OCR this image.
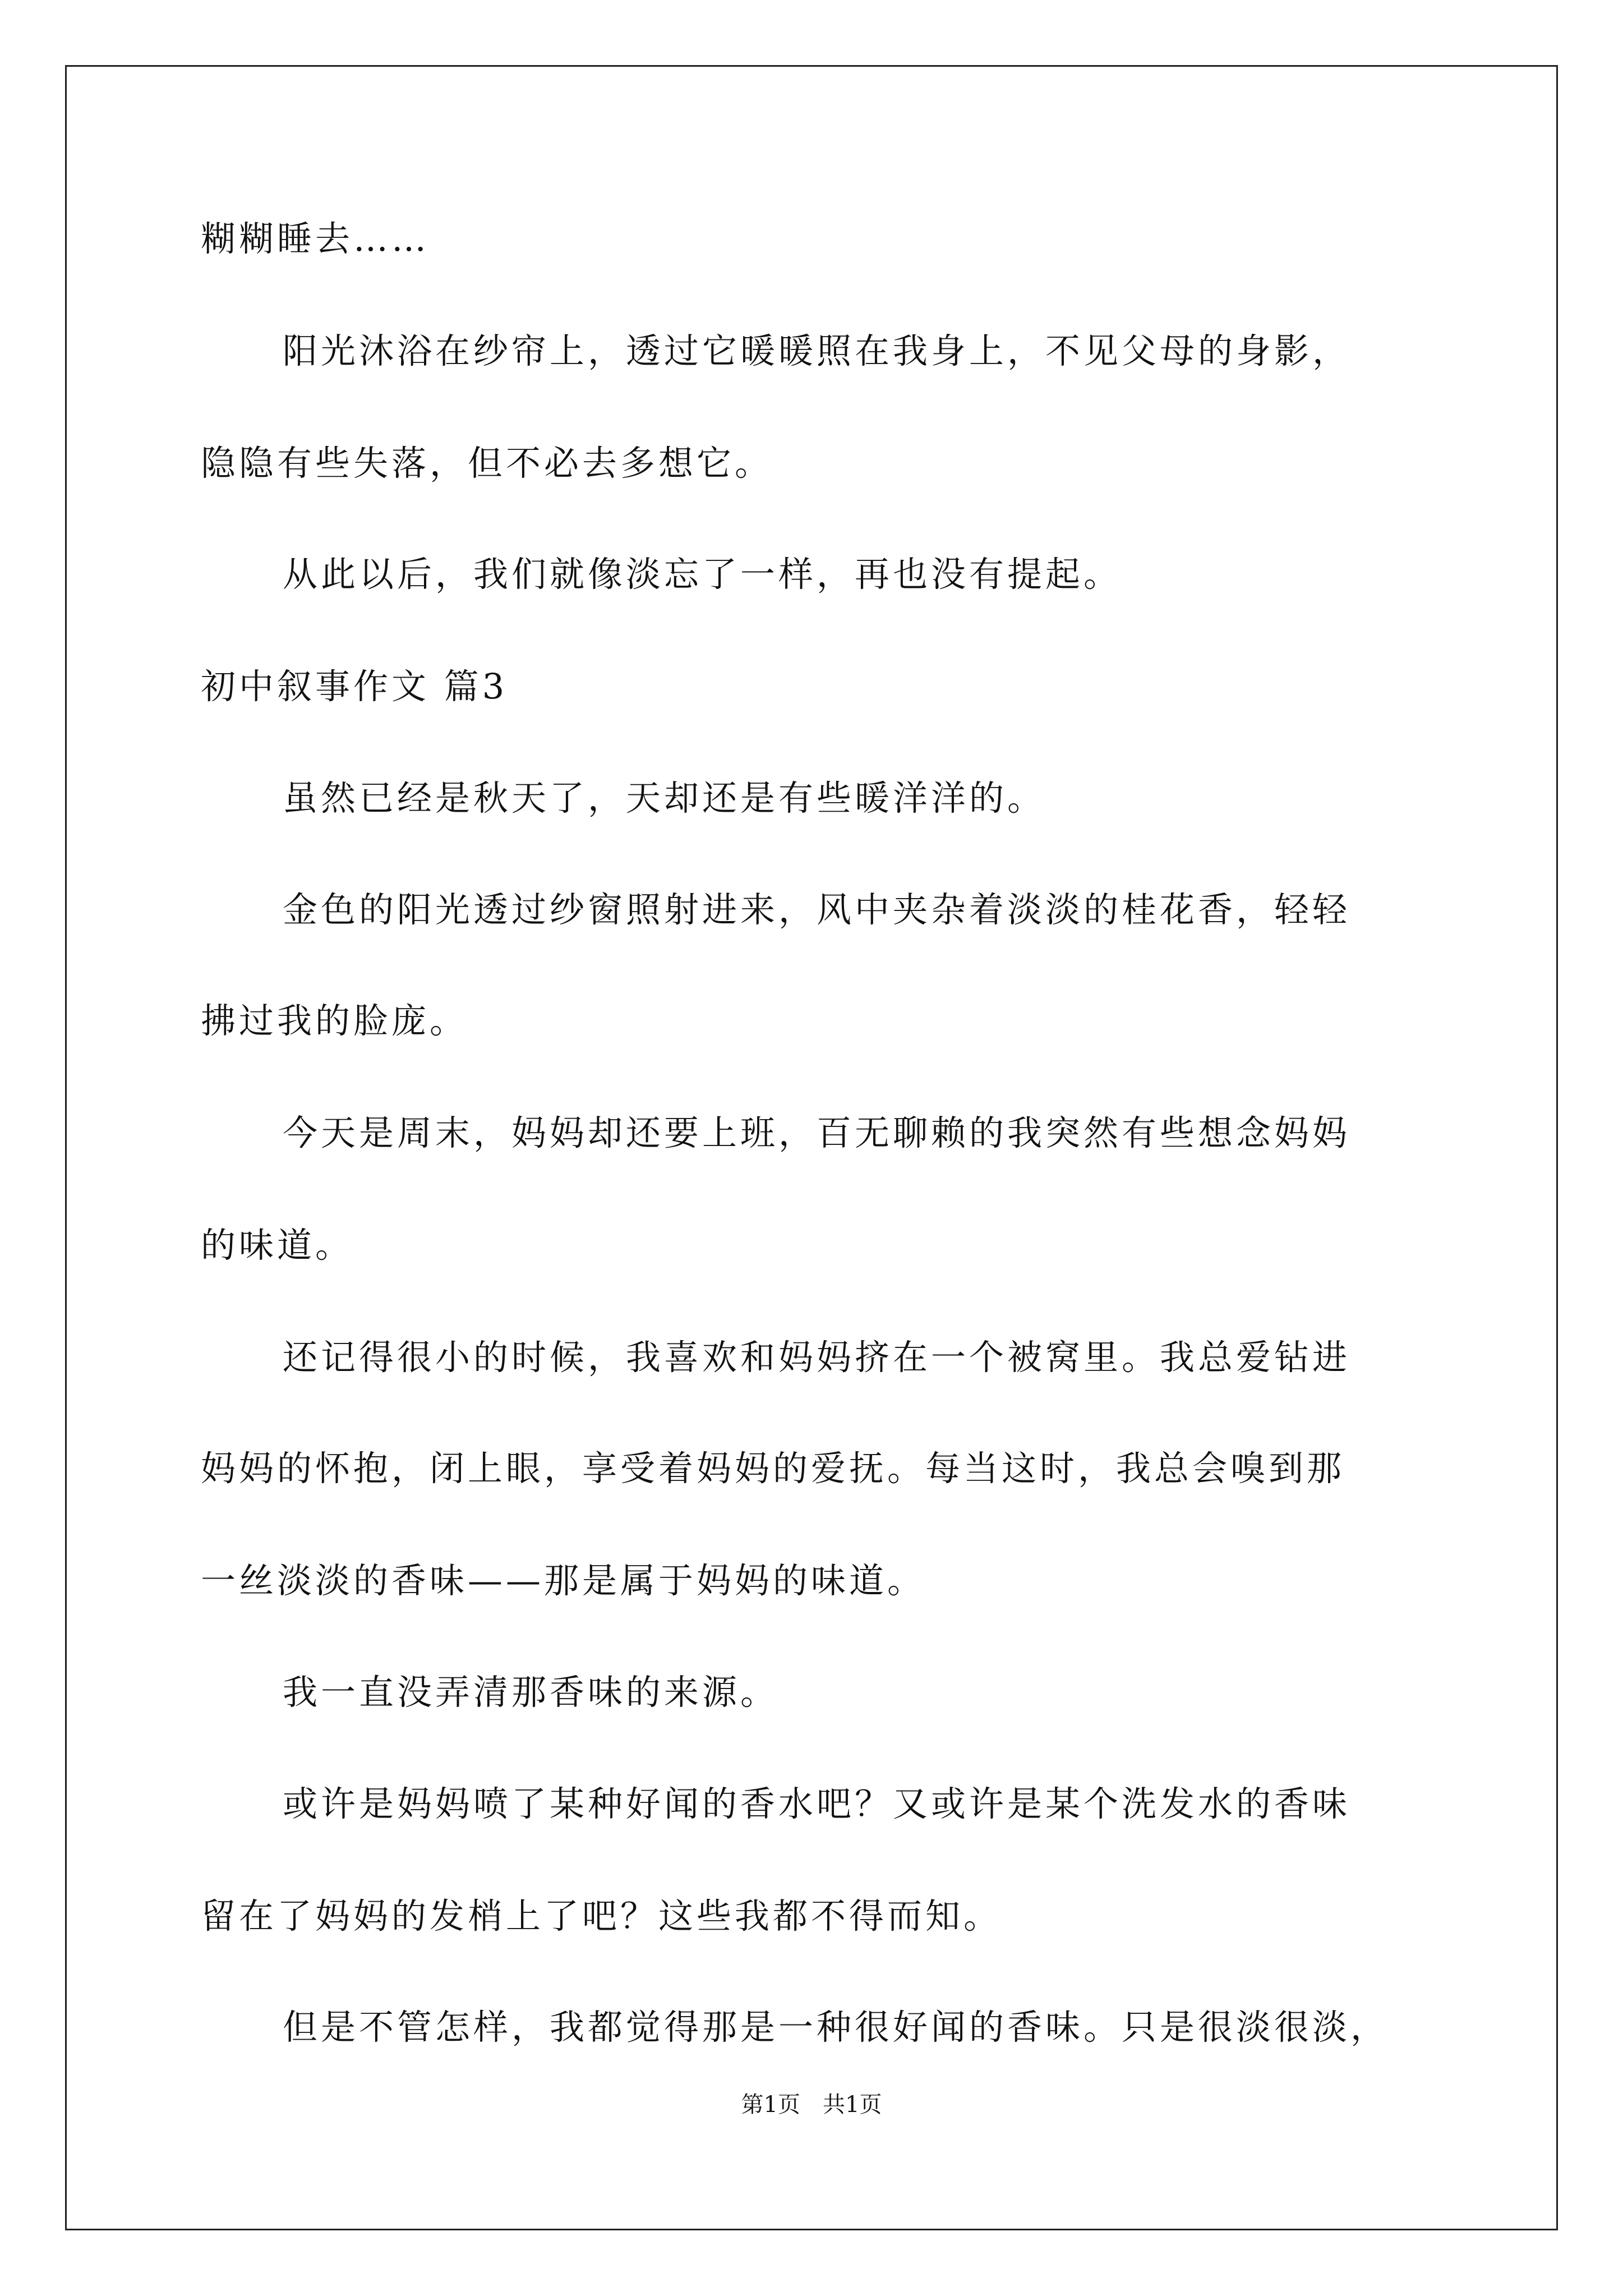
糊糊睡去……
阳光沐浴在纱帘上，透过它暖暖照在我身上，不见父母的身影，
隐隐有些失落，但不必去多想它。
从此以后，我们就像淡忘了一样，再也没有提起。
初中叙事作文 篇3
虽然已经是秋天了，天却还是有些暖洋洋的。
金色的阳光透过纱窗照射进来，风中夹杂着淡淡的桂花香，轻轻
拂过我的脸庞。
今天是周末，妈妈却还要上班，百无聊赖的我突然有些想念妈妈
的味道。
还记得很小的时候，我喜欢和妈妈挤在一个被窝里。我总爱钻进
妈妈的怀抱，闭上眼，享受着妈妈的爱抚。每当这时，我总会嗅到那
一丝淡淡的香味——那是属于妈妈的味道。
我一直没弄清那香味的来源。
或许是妈妈喷了某种好闻的香水吧？又或许是某个洗发水的香味
留在了妈妈的发梢上了吧？这些我都不得而知。
但是不管怎样，我都觉得那是一种很好闻的香味。只是很淡很淡，
第1页　共1页
